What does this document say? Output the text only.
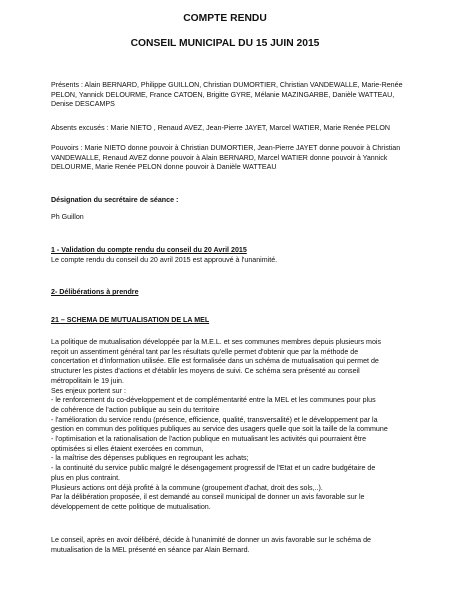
COMPTE RENDU
CONSEIL MUNICIPAL DU 15 JUIN 2015
Présents : Alain BERNARD, Philippe GUILLON, Christian DUMORTIER, Christian VANDEWALLE, Marie-Renée
PELON, Yannick DELOURME, France CATOEN, Brigitte GYRE, Mélanie MAZINGARBE, Danièle WATTEAU,
Denise DESCAMPS
Absents excusés : Marie NIETO , Renaud AVEZ, Jean-Pierre JAYET, Marcel WATIER, Marie Renée PELON
Pouvoirs : Marie NIETO donne pouvoir à Christian DUMORTIER, Jean-Pierre JAYET donne pouvoir à Christian
VANDEWALLE, Renaud AVEZ donne pouvoir à Alain BERNARD, Marcel WATIER donne pouvoir à Yannick
DELOURME, Marie Renée PELON donne pouvoir à Danièle WATTEAU
Désignation du secrétaire de séance :
Ph Guillon
1 - Validation du compte rendu du conseil du 20 Avril 2015
Le compte rendu du conseil du 20 avril 2015 est approuvé à l'unanimité.
2- Délibérations à prendre
21 – SCHEMA DE MUTUALISATION DE LA MEL
La politique de mutualisation développée par la M.E.L. et ses communes membres depuis plusieurs mois
reçoit un assentiment général tant par les résultats qu'elle permet d'obtenir que par la méthode de
concertation et d'information utilisée. Elle est formalisée dans un schéma de mutualisation qui permet de
structurer les pistes d'actions et d'établir les moyens de suivi. Ce schéma sera présenté au conseil
métropolitain le 19 juin.
Ses enjeux portent sur :
- le renforcement du co-développement et de complémentarité entre la MEL et les communes pour plus
de cohérence de l'action publique au sein du territoire
- l'amélioration du service rendu (présence, efficience, qualité, transversalité) et le développement par la
gestion en commun des politiques publiques au service des usagers quelle que soit la taille de la commune
- l'optimisation et la rationalisation de l'action publique en mutualisant les activités qui pourraient être
optimisées si elles étaient exercées en commun,
- la maîtrise des dépenses publiques en regroupant les achats;
- la continuité du service public malgré le désengagement progressif de l'Etat et un cadre budgétaire de
plus en plus contraint.
Plusieurs actions ont déjà profité à la commune (groupement d'achat, droit des sols,..).
Par la délibération proposée, il est demandé au conseil municipal de donner un avis favorable sur le
développement de cette politique de mutualisation.
Le conseil, après en avoir délibéré, décide à l'unanimité de donner un avis favorable sur le schéma de
mutualisation de la MEL présenté en séance par Alain Bernard.
